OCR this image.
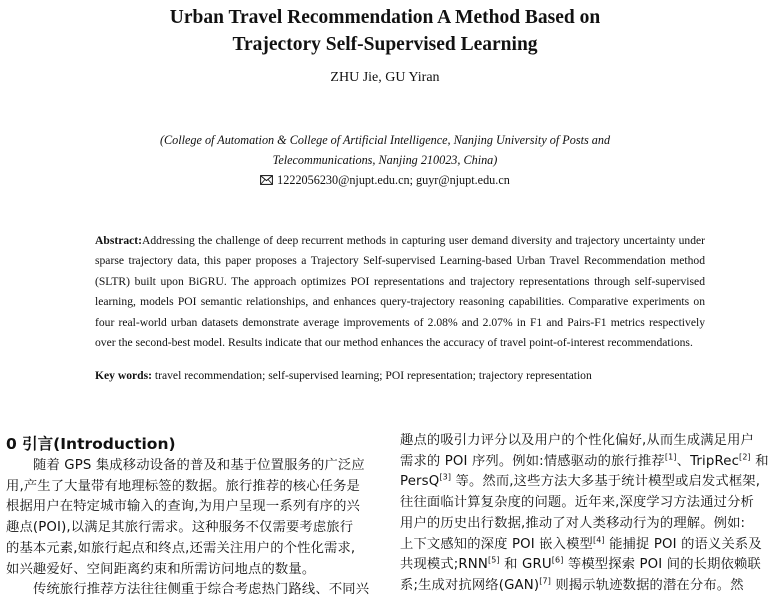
Urban Travel Recommendation A Method Based on
Trajectory Self-Supervised Learning
ZHU Jie, GU Yiran
(College of Automation & College of Artificial Intelligence, Nanjing University of Posts and
Telecommunications, Nanjing 210023, China)
1222056230@njupt.edu.cn; guyr@njupt.edu.cn
Abstract:Addressing the challenge of deep recurrent methods in capturing user demand diversity and trajectory uncertainty under sparse trajectory data, this paper proposes a Trajectory Self-supervised Learning-based Urban Travel Recommendation method (SLTR) built upon BiGRU. The approach optimizes POI representations and trajectory representations through self-supervised learning, models POI semantic relationships, and enhances query-trajectory reasoning capabilities. Comparative experiments on four real-world urban datasets demonstrate average improvements of 2.08% and 2.07% in F1 and Pairs-F1 metrics respectively over the second-best model. Results indicate that our method enhances the accuracy of travel point-of-interest recommendations.
Key words: travel recommendation; self-supervised learning; POI representation; trajectory representation
0 引言(Introduction)
随着 GPS 集成移动设备的普及和基于位置服务的广泛应
用,产生了大量带有地理标签的数据。旅行推荐的核心任务是
根据用户在特定城市输入的查询,为用户呈现一系列有序的兴
趣点(POI),以满足其旅行需求。这种服务不仅需要考虑旅行
的基本元素,如旅行起点和终点,还需关注用户的个性化需求,
如兴趣爱好、空间距离约束和所需访问地点的数量。
传统旅行推荐方法往往侧重于综合考虑热门路线、不同兴
趣点的吸引力评分以及用户的个性化偏好,从而生成满足用户
需求的 POI 序列。例如:情感驱动的旅行推荐[1]、TripRec[2] 和
PersQ[3] 等。然而,这些方法大多基于统计模型或启发式框架,
往往面临计算复杂度的问题。近年来,深度学习方法通过分析
用户的历史出行数据,推动了对人类移动行为的理解。例如:
上下文感知的深度 POI 嵌入模型[4] 能捕捉 POI 的语义关系及
共现模式;RNN[5] 和 GRU[6] 等模型探索 POI 间的长期依赖联
系;生成对抗网络(GAN)[7] 则揭示轨迹数据的潜在分布。然
